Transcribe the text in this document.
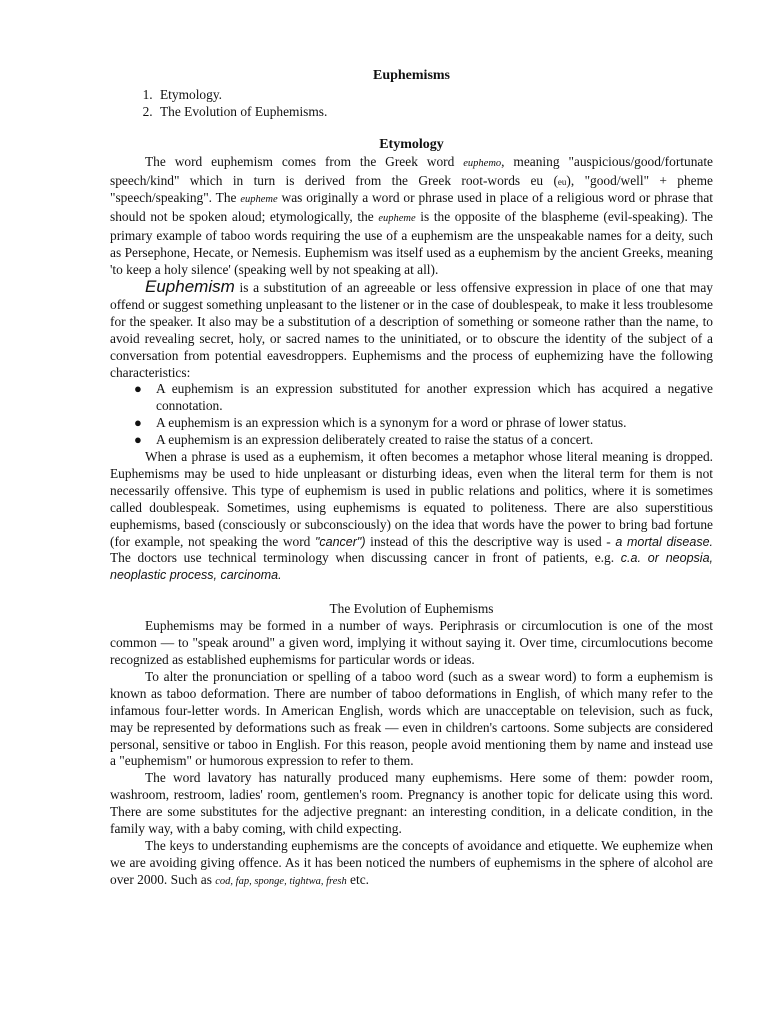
Euphemisms
1. Etymology.
2. The Evolution of Euphemisms.
Etymology

The word euphemism comes from the Greek word euphemo, meaning "auspicious/good/fortunate speech/kind" which in turn is derived from the Greek root-words eu (eu), "good/well" + pheme "speech/speaking". The eupheme was originally a word or phrase used in place of a religious word or phrase that should not be spoken aloud; etymologically, the eupheme is the opposite of the blaspheme (evil-speaking). The primary example of taboo words requiring the use of a euphemism are the unspeakable names for a deity, such as Persephone, Hecate, or Nemesis. Euphemism was itself used as a euphemism by the ancient Greeks, meaning 'to keep a holy silence' (speaking well by not speaking at all).

Euphemism is a substitution of an agreeable or less offensive expression in place of one that may offend or suggest something unpleasant to the listener or in the case of doublespeak, to make it less troublesome for the speaker. It also may be a substitution of a description of something or someone rather than the name, to avoid revealing secret, holy, or sacred names to the uninitiated, or to obscure the identity of the subject of a conversation from potential eavesdroppers. Euphemisms and the process of euphemizing have the following characteristics:

● A euphemism is an expression substituted for another expression which has acquired a negative connotation.
● A euphemism is an expression which is a synonym for a word or phrase of lower status.
● A euphemism is an expression deliberately created to raise the status of a concert.

When a phrase is used as a euphemism, it often becomes a metaphor whose literal meaning is dropped. Euphemisms may be used to hide unpleasant or disturbing ideas, even when the literal term for them is not necessarily offensive. This type of euphemism is used in public relations and politics, where it is sometimes called doublespeak. Sometimes, using euphemisms is equated to politeness. There are also superstitious euphemisms, based (consciously or subconsciously) on the idea that words have the power to bring bad fortune (for example, not speaking the word "cancer") instead of this the descriptive way is used - a mortal disease. The doctors use technical terminology when discussing cancer in front of patients, e.g. c.a. or neopsia, neoplastic process, carcinoma.

The Evolution of Euphemisms

Euphemisms may be formed in a number of ways. Periphrasis or circumlocution is one of the most common — to "speak around" a given word, implying it without saying it. Over time, circumlocutions become recognized as established euphemisms for particular words or ideas.

To alter the pronunciation or spelling of a taboo word (such as a swear word) to form a euphemism is known as taboo deformation. There are number of taboo deformations in English, of which many refer to the infamous four-letter words. In American English, words which are unacceptable on television, such as fuck, may be represented by deformations such as freak — even in children's cartoons. Some subjects are considered personal, sensitive or taboo in English. For this reason, people avoid mentioning them by name and instead use a "euphemism" or humorous expression to refer to them.

The word lavatory has naturally produced many euphemisms. Here some of them: powder room, washroom, restroom, ladies' room, gentlemen's room. Pregnancy is another topic for delicate using this word. There are some substitutes for the adjective pregnant: an interesting condition, in a delicate condition, in the family way, with a baby coming, with child expecting.

The keys to understanding euphemisms are the concepts of avoidance and etiquette. We euphemize when we are avoiding giving offence. As it has been noticed the numbers of euphemisms in the sphere of alcohol are over 2000. Such as cod, fap, sponge, tightwa, fresh etc.
